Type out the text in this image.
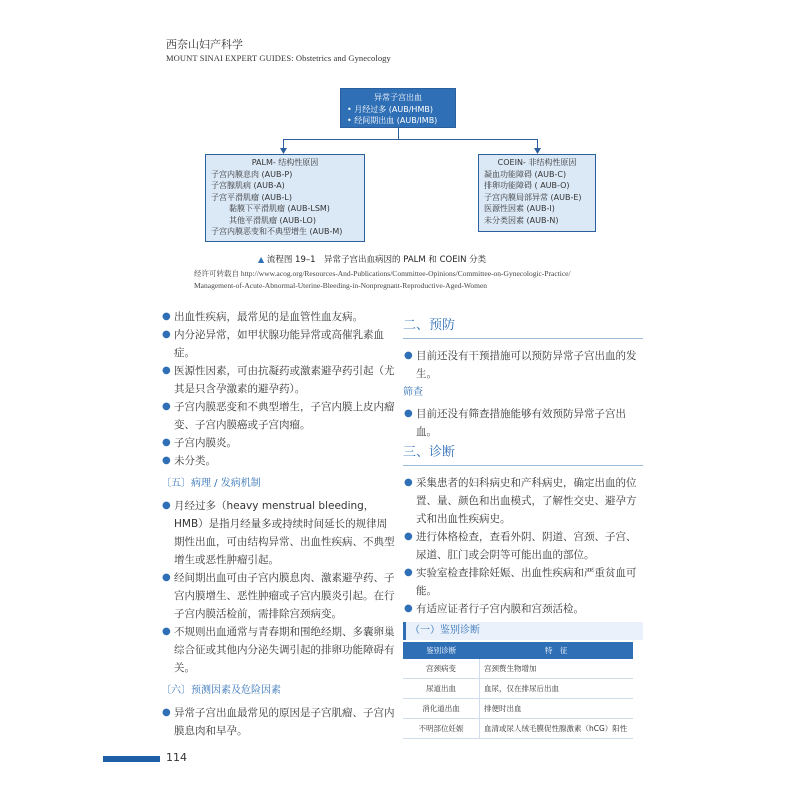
西奈山妇产科学
MOUNT SINAI EXPERT GUIDES: Obstetrics and Gynecology
异常子宫出血
• 月经过多 (AUB/HMB)
• 经间期出血 (AUB/IMB)
PALM- 结构性原因
子宫内膜息肉 (AUB-P)
子宫腺肌病 (AUB-A)
子宫平滑肌瘤 (AUB-L)
黏膜下平滑肌瘤 (AUB-LSM)
其他平滑肌瘤 (AUB-LO)
子宫内膜恶变和不典型增生 (AUB-M)
COEIN- 非结构性原因
凝血功能障碍 (AUB-C)
排卵功能障碍 ( AUB-O)
子宫内膜局部异常 (AUB-E)
医源性因素 (AUB-I)
未分类因素 (AUB-N)
▲ 流程图 19–1　异常子宫出血病因的 PALM 和 COEIN 分类
经许可转载自 http://www.acog.org/Resources-And-Publications/Committee-Opinions/Committee-on-Gynecologic-Practice/
Management-of-Acute-Abnormal-Uterine-Bleeding-in-Nonpregnant-Reproductive-Aged-Women
● 出血性疾病，最常见的是血管性血友病。
● 内分泌异常，如甲状腺功能异常或高催乳素血症。
● 医源性因素，可由抗凝药或激素避孕药引起（尤其是只含孕激素的避孕药）。
● 子宫内膜恶变和不典型增生，子宫内膜上皮内瘤变、子宫内膜癌或子宫肉瘤。
● 子宫内膜炎。
● 未分类。
〔五〕病理 / 发病机制
● 月经过多（heavy menstrual bleeding，HMB）是指月经量多或持续时间延长的规律周期性出血，可由结构异常、出血性疾病、不典型增生或恶性肿瘤引起。
● 经间期出血可由子宫内膜息肉、激素避孕药、子宫内膜增生、恶性肿瘤或子宫内膜炎引起。在行子宫内膜活检前，需排除宫颈病变。
● 不规则出血通常与青春期和围绝经期、多囊卵巢综合征或其他内分泌失调引起的排卵功能障碍有关。
〔六〕预测因素及危险因素
● 异常子宫出血最常见的原因是子宫肌瘤、子宫内膜息肉和早孕。
二、预防
● 目前还没有干预措施可以预防异常子宫出血的发生。
筛查
● 目前还没有筛查措施能够有效预防异常子宫出血。
三、诊断
● 采集患者的妇科病史和产科病史，确定出血的位置、量、颜色和出血模式，了解性交史、避孕方式和出血性疾病史。
● 进行体格检查，查看外阴、阴道、宫颈、子宫、尿道、肛门或会阴等可能出血的部位。
● 实验室检查排除妊娠、出血性疾病和严重贫血可能。
● 有适应证者行子宫内膜和宫颈活检。
（一）鉴别诊断
鉴别诊断	特　征
宫颈病变	宫颈赘生物增加
尿道出血	血尿，仅在排尿后出血
消化道出血	排便时出血
不明部位妊娠	血清或尿人绒毛膜促性腺激素（hCG）阳性
114
